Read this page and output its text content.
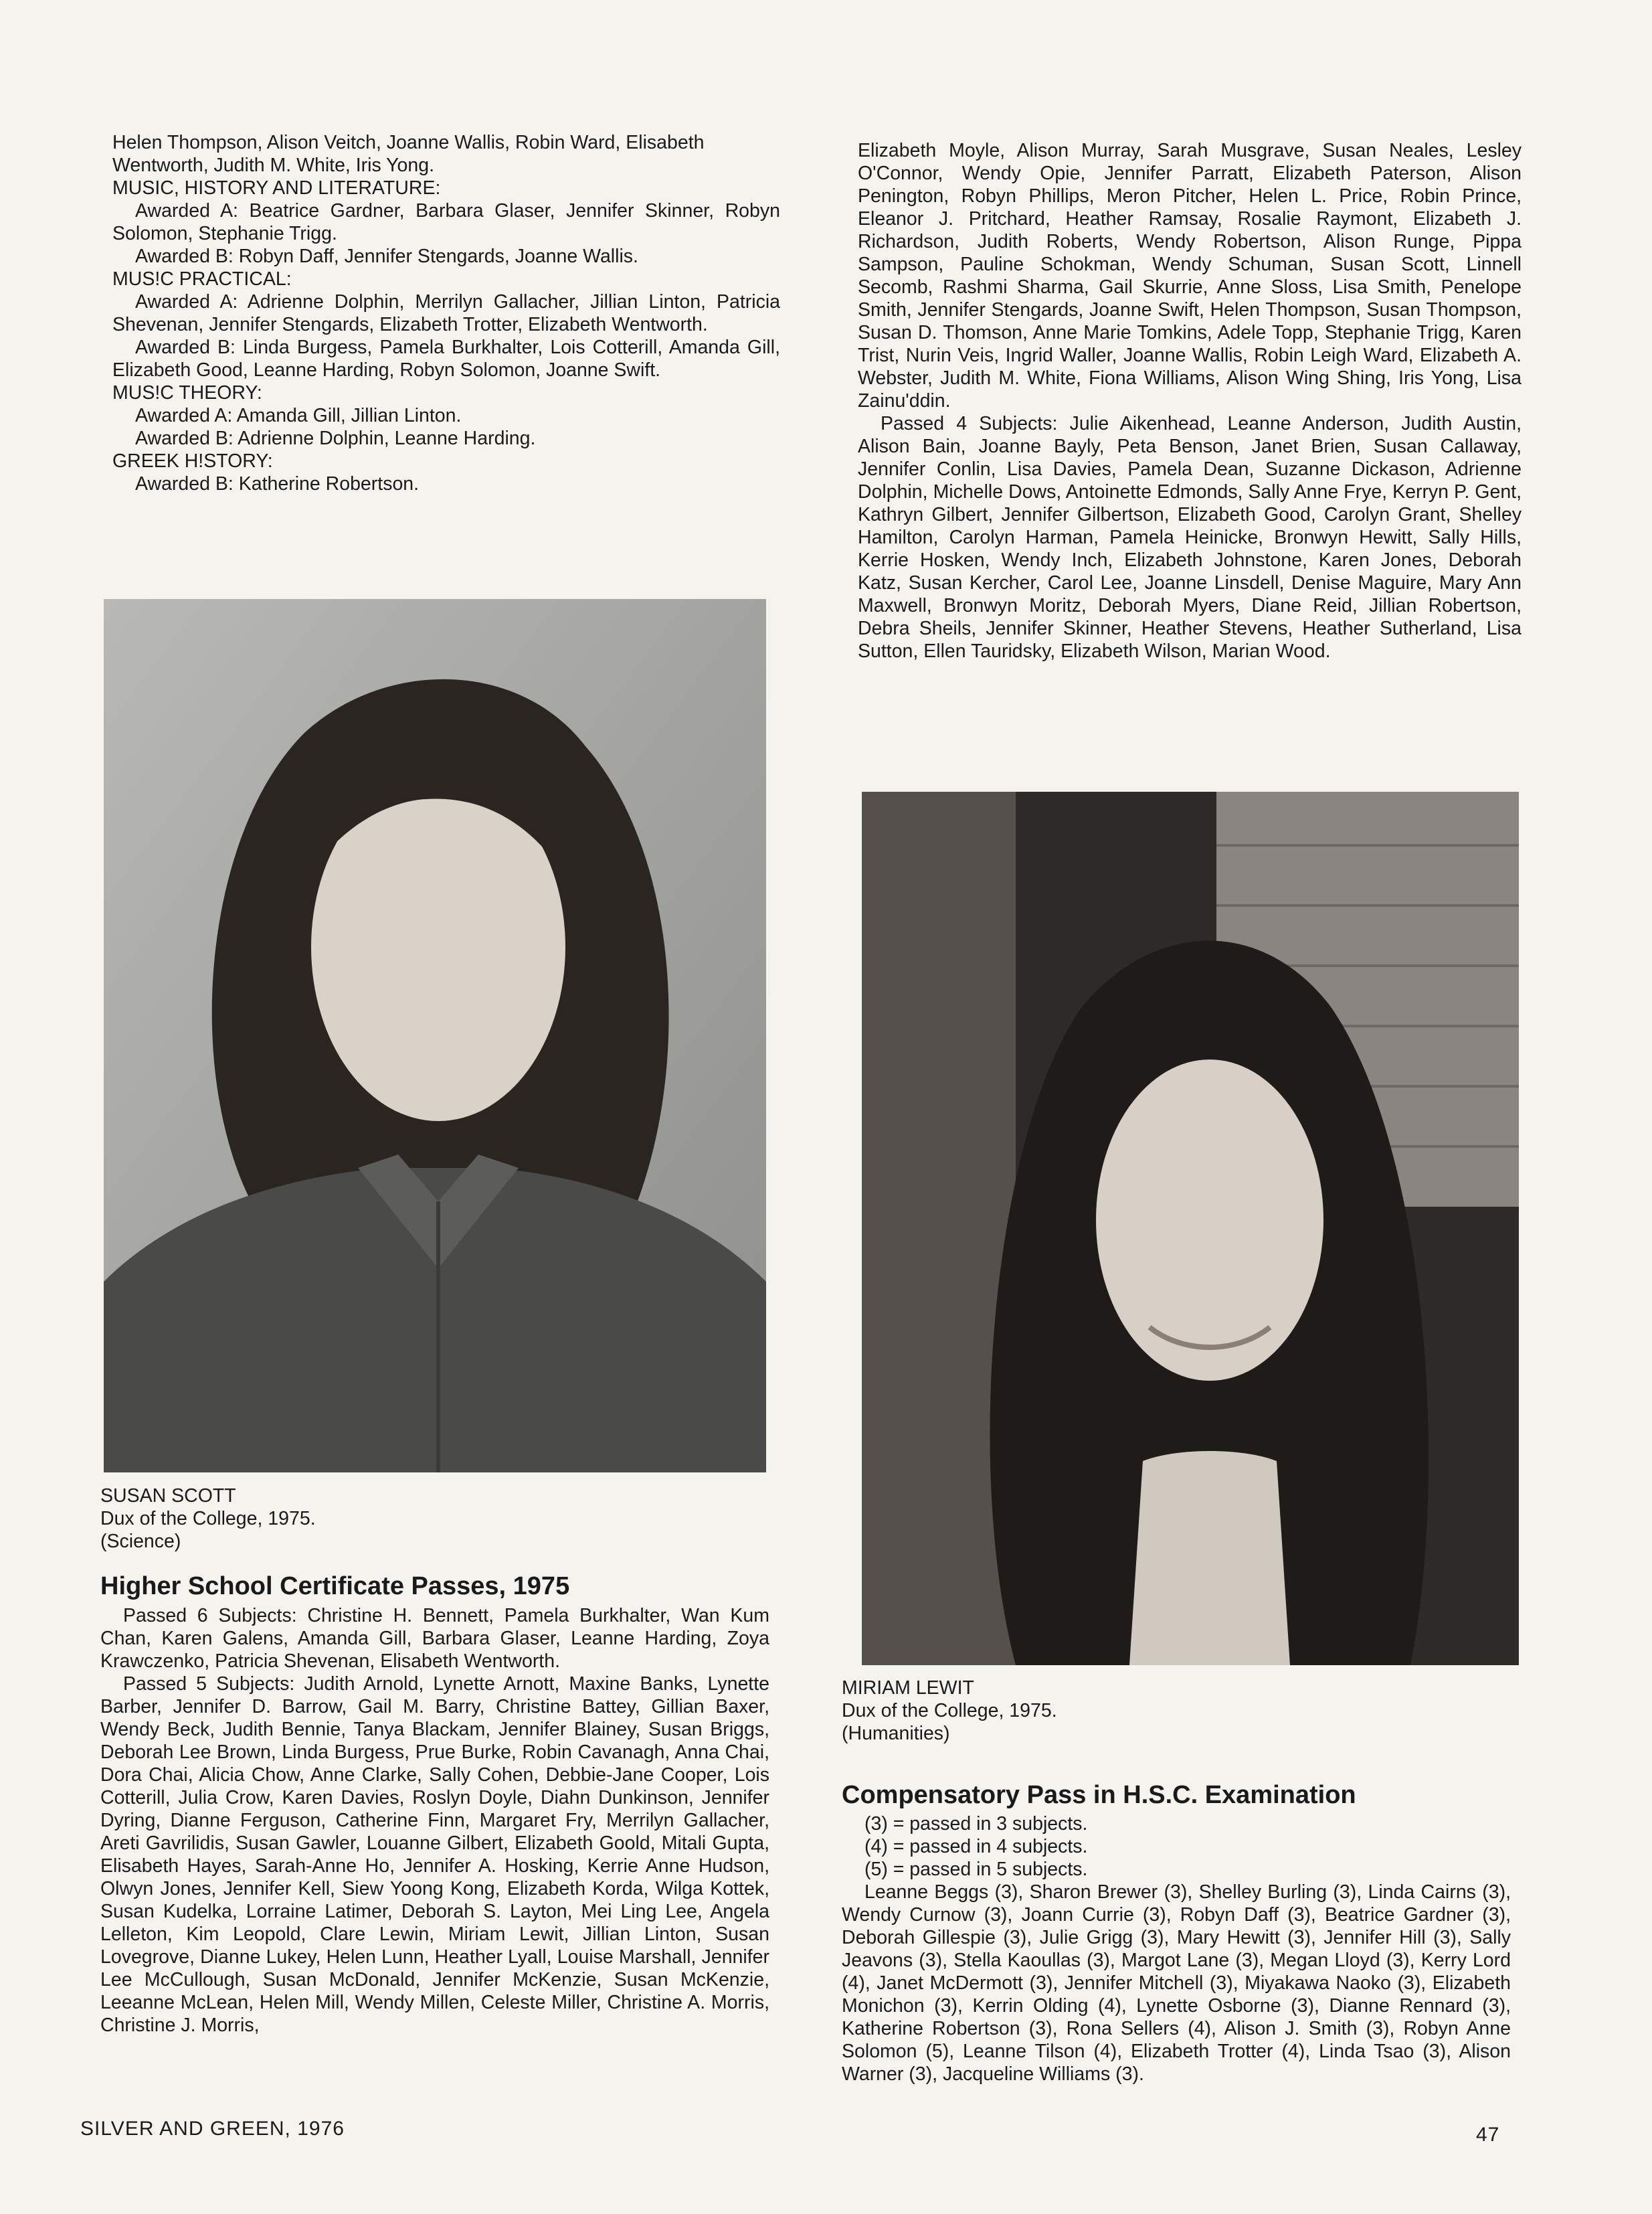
Helen Thompson, Alison Veitch, Joanne Wallis, Robin Ward, Elisabeth Wentworth, Judith M. White, Iris Yong.

MUSIC, HISTORY AND LITERATURE:

Awarded A: Beatrice Gardner, Barbara Glaser, Jennifer Skinner, Robyn Solomon, Stephanie Trigg.

Awarded B: Robyn Daff, Jennifer Stengards, Joanne Wallis.

MUS!C PRACTICAL:

Awarded A: Adrienne Dolphin, Merrilyn Gallacher, Jillian Linton, Patricia Shevenan, Jennifer Stengards, Elizabeth Trotter, Elizabeth Wentworth.

Awarded B: Linda Burgess, Pamela Burkhalter, Lois Cotterill, Amanda Gill, Elizabeth Good, Leanne Harding, Robyn Solomon, Joanne Swift.

MUS!C THEORY:

Awarded A: Amanda Gill, Jillian Linton.

Awarded B: Adrienne Dolphin, Leanne Harding.

GREEK H!STORY:

Awarded B: Katherine Robertson.

Elizabeth Moyle, Alison Murray, Sarah Musgrave, Susan Neales, Lesley O'Connor, Wendy Opie, Jennifer Parratt, Elizabeth Paterson, Alison Penington, Robyn Phillips, Meron Pitcher, Helen L. Price, Robin Prince, Eleanor J. Pritchard, Heather Ramsay, Rosalie Raymont, Elizabeth J. Richardson, Judith Roberts, Wendy Robertson, Alison Runge, Pippa Sampson, Pauline Schokman, Wendy Schuman, Susan Scott, Linnell Secomb, Rashmi Sharma, Gail Skurrie, Anne Sloss, Lisa Smith, Penelope Smith, Jennifer Stengards, Joanne Swift, Helen Thompson, Susan Thompson, Susan D. Thomson, Anne Marie Tomkins, Adele Topp, Stephanie Trigg, Karen Trist, Nurin Veis, Ingrid Waller, Joanne Wallis, Robin Leigh Ward, Elizabeth A. Webster, Judith M. White, Fiona Williams, Alison Wing Shing, Iris Yong, Lisa Zainu'ddin.

Passed 4 Subjects: Julie Aikenhead, Leanne Anderson, Judith Austin, Alison Bain, Joanne Bayly, Peta Benson, Janet Brien, Susan Callaway, Jennifer Conlin, Lisa Davies, Pamela Dean, Suzanne Dickason, Adrienne Dolphin, Michelle Dows, Antoinette Edmonds, Sally Anne Frye, Kerryn P. Gent, Kathryn Gilbert, Jennifer Gilbertson, Elizabeth Good, Carolyn Grant, Shelley Hamilton, Carolyn Harman, Pamela Heinicke, Bronwyn Hewitt, Sally Hills, Kerrie Hosken, Wendy Inch, Elizabeth Johnstone, Karen Jones, Deborah Katz, Susan Kercher, Carol Lee, Joanne Linsdell, Denise Maguire, Mary Ann Maxwell, Bronwyn Moritz, Deborah Myers, Diane Reid, Jillian Robertson, Debra Sheils, Jennifer Skinner, Heather Stevens, Heather Sutherland, Lisa Sutton, Ellen Tauridsky, Elizabeth Wilson, Marian Wood.

SUSAN SCOTT
Dux of the College, 1975.
(Science)
MIRIAM LEWIT
Dux of the College, 1975.
(Humanities)
Higher School Certificate Passes, 1975

Passed 6 Subjects: Christine H. Bennett, Pamela Burkhalter, Wan Kum Chan, Karen Galens, Amanda Gill, Barbara Glaser, Leanne Harding, Zoya Krawczenko, Patricia Shevenan, Elisabeth Wentworth.

Passed 5 Subjects: Judith Arnold, Lynette Arnott, Maxine Banks, Lynette Barber, Jennifer D. Barrow, Gail M. Barry, Christine Battey, Gillian Baxer, Wendy Beck, Judith Bennie, Tanya Blackam, Jennifer Blainey, Susan Briggs, Deborah Lee Brown, Linda Burgess, Prue Burke, Robin Cavanagh, Anna Chai, Dora Chai, Alicia Chow, Anne Clarke, Sally Cohen, Debbie-Jane Cooper, Lois Cotterill, Julia Crow, Karen Davies, Roslyn Doyle, Diahn Dunkinson, Jennifer Dyring, Dianne Ferguson, Catherine Finn, Margaret Fry, Merrilyn Gallacher, Areti Gavrilidis, Susan Gawler, Louanne Gilbert, Elizabeth Goold, Mitali Gupta, Elisabeth Hayes, Sarah-Anne Ho, Jennifer A. Hosking, Kerrie Anne Hudson, Olwyn Jones, Jennifer Kell, Siew Yoong Kong, Elizabeth Korda, Wilga Kottek, Susan Kudelka, Lorraine Latimer, Deborah S. Layton, Mei Ling Lee, Angela Lelleton, Kim Leopold, Clare Lewin, Miriam Lewit, Jillian Linton, Susan Lovegrove, Dianne Lukey, Helen Lunn, Heather Lyall, Louise Marshall, Jennifer Lee McCullough, Susan McDonald, Jennifer McKenzie, Susan McKenzie, Leeanne McLean, Helen Mill, Wendy Millen, Celeste Miller, Christine A. Morris, Christine J. Morris,

Compensatory Pass in H.S.C. Examination

(3) = passed in 3 subjects.

(4) = passed in 4 subjects.

(5) = passed in 5 subjects.

Leanne Beggs (3), Sharon Brewer (3), Shelley Burling (3), Linda Cairns (3), Wendy Curnow (3), Joann Currie (3), Robyn Daff (3), Beatrice Gardner (3), Deborah Gillespie (3), Julie Grigg (3), Mary Hewitt (3), Jennifer Hill (3), Sally Jeavons (3), Stella Kaoullas (3), Margot Lane (3), Megan Lloyd (3), Kerry Lord (4), Janet McDermott (3), Jennifer Mitchell (3), Miyakawa Naoko (3), Elizabeth Monichon (3), Kerrin Olding (4), Lynette Osborne (3), Dianne Rennard (3), Katherine Robertson (3), Rona Sellers (4), Alison J. Smith (3), Robyn Anne Solomon (5), Leanne Tilson (4), Elizabeth Trotter (4), Linda Tsao (3), Alison Warner (3), Jacqueline Williams (3).

SILVER AND GREEN, 1976	47
